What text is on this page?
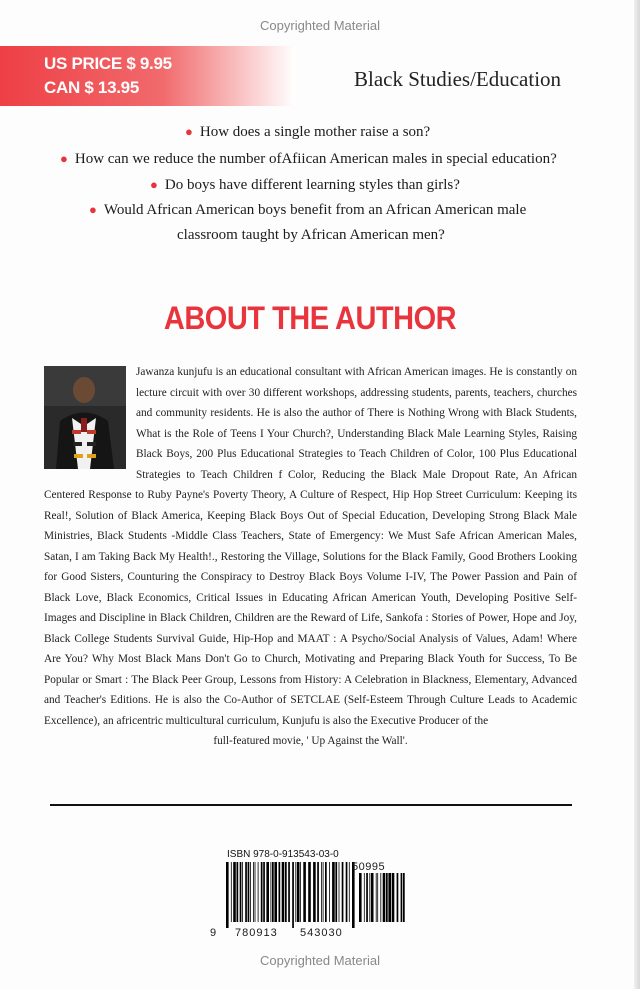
Copyrighted Material
US PRICE $ 9.95
CAN $ 13.95	Black Studies/Education
● How does a single mother raise a son?
● How can we reduce the number ofAfiican American males in special education?
● Do boys have different learning styles than girls?
● Would African American boys benefit from an African American male
classroom taught by African American men?
ABOUT THE AUTHOR
Jawanza kunjufu is an educational consultant with African American images. He is constantly on lecture circuit with over 30 different workshops, addressing students, parents, teachers, churches and community residents. He is also the author of There is Nothing Wrong with Black Students, What is the Role of Teens I Your Church?, Understanding Black Male Learning Styles, Raising Black Boys, 200 Plus Educational Strategies to Teach Children of Color, 100 Plus Educational Strategies to Teach Children f Color, Reducing the Black Male Dropout Rate, An African Centered Response to Ruby Payne's Poverty Theory, A Culture of Respect, Hip Hop Street Curriculum: Keeping its Real!, Solution of Black America, Keeping Black Boys Out of Special Education, Developing Strong Black Male Ministries, Black Students -Middle Class Teachers, State of Emergency: We Must Safe African American Males, Satan, I am Taking Back My Health!., Restoring the Village, Solutions for the Black Family, Good Brothers Looking for Good Sisters, Counturing the Conspiracy to Destroy Black Boys Volume I-IV, The Power Passion and Pain of Black Love, Black Economics, Critical Issues in Educating African American Youth, Developing Positive Self-Images and Discipline in Black Children, Children are the Reward of Life, Sankofa : Stories of Power, Hope and Joy, Black College Students Survival Guide, Hip-Hop and MAAT : A Psycho/Social Analysis of Values, Adam! Where Are You? Why Most Black Mans Don't Go to Church, Motivating and Preparing Black Youth for Success, To Be Popular or Smart : The Black Peer Group, Lessons from History: A Celebration in Blackness, Elementary, Advanced and Teacher's Editions. He is also the Co-Author of SETCLAE (Self-Esteem Through Culture Leads to Academic Excellence), an africentric multicultural curriculum, Kunjufu is also the Executive Producer of the
full-featured movie, ' Up Against the Wall'.
ISBN 978-0-913543-03-0
9 780913 543030
50995
Copyrighted Material
